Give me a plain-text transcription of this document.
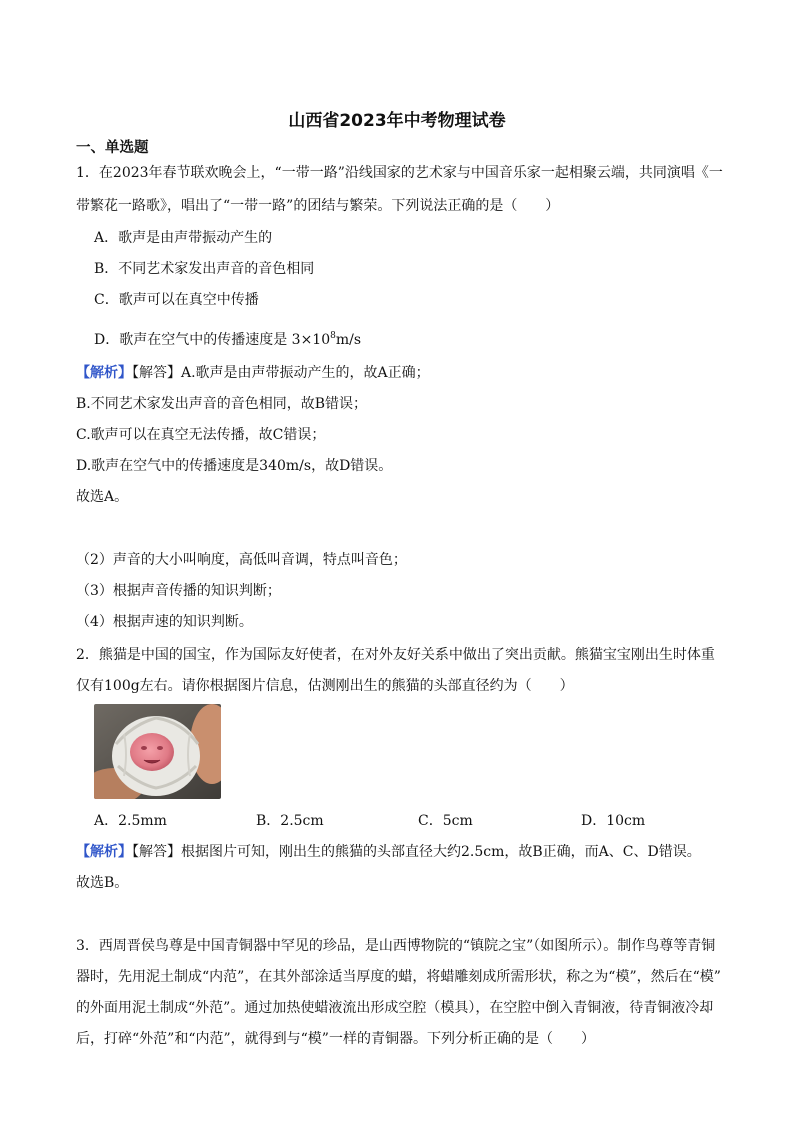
山西省2023年中考物理试卷
一、单选题
1．在2023年春节联欢晚会上，“一带一路”沿线国家的艺术家与中国音乐家一起相聚云端，共同演唱《一
带繁花一路歌》，唱出了“一带一路”的团结与繁荣。下列说法正确的是（　　）
A．歌声是由声带振动产生的
B．不同艺术家发出声音的音色相同
C．歌声可以在真空中传播
D．歌声在空气中的传播速度是 $3\times 10^8m/s$
【解析】【解答】A.歌声是由声带振动产生的，故A正确；
B.不同艺术家发出声音的音色相同，故B错误；
C.歌声可以在真空无法传播，故C错误；
D.歌声在空气中的传播速度是340m/s，故D错误。
故选A。
（2）声音的大小叫响度，高低叫音调，特点叫音色；
（3）根据声音传播的知识判断；
（4）根据声速的知识判断。
2．熊猫是中国的国宝，作为国际友好使者，在对外友好关系中做出了突出贡献。熊猫宝宝刚出生时体重
仅有100g左右。请你根据图片信息，估测刚出生的熊猫的头部直径约为（　　）
A．2.5mm	B．2.5cm	C．5cm	D．10cm
【解析】【解答】根据图片可知，刚出生的熊猫的头部直径大约2.5cm，故B正确，而A、C、D错误。
故选B。
3．西周晋侯鸟尊是中国青铜器中罕见的珍品，是山西博物院的“镇院之宝”（如图所示）。制作鸟尊等青铜
器时，先用泥土制成“内范”，在其外部涂适当厚度的蜡，将蜡雕刻成所需形状，称之为“模”，然后在“模”
的外面用泥土制成“外范”。通过加热使蜡液流出形成空腔（模具），在空腔中倒入青铜液，待青铜液冷却
后，打碎“外范”和“内范”，就得到与“模”一样的青铜器。下列分析正确的是（　　）
